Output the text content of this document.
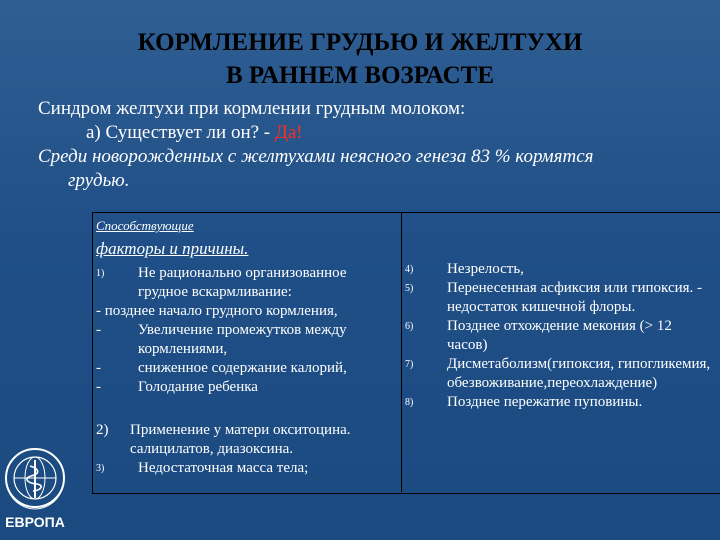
КОРМЛЕНИЕ ГРУДЬЮ И ЖЕЛТУХИ
В РАННЕМ ВОЗРАСТЕ
Синдром желтухи при кормлении грудным молоком:
а) Существует ли он? - Да!
Среди новорожденных с желтухами неясного генеза 83 % кормятся
грудью.
Способствующие
факторы и причины.
1)	Не рационально организованное грудное вскармливание:
- позднее начало грудного кормления,
-	Увеличение промежутков между кормлениями,
-	сниженное содержание калорий,
-	Голодание ребенка
2)	Применение у матери окситоцина. салицилатов, диазоксина.
3)	Недостаточная масса тела;
4)	Незрелость,
5)	Перенесенная асфиксия или гипоксия. - недостаток кишечной флоры.
6)	Позднее отхождение мекония (> 12 часов)
7)	Дисметаболизм(гипоксия, гипогликемия, обезвоживание,переохлаждение)
8)	Позднее пережатие пуповины.
ЕВРОПА
